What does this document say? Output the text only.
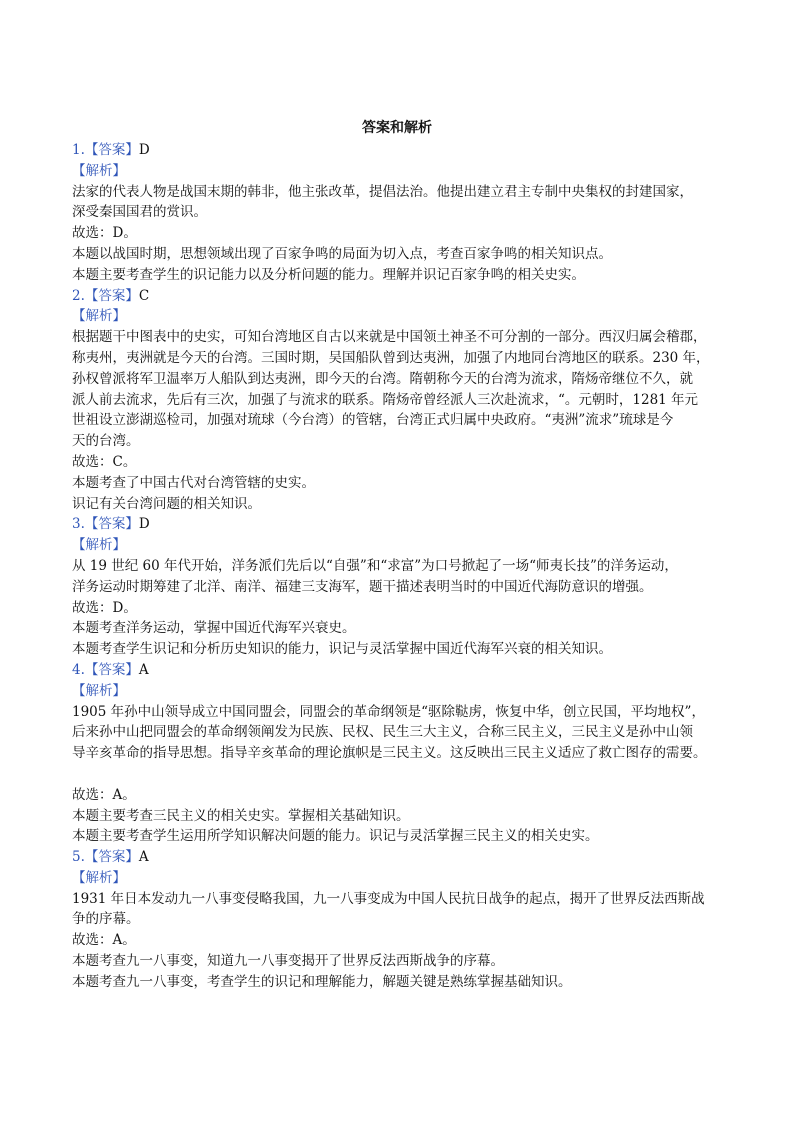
答案和解析
1.【答案】D
【解析】
法家的代表人物是战国末期的韩非，他主张改革，提倡法治。他提出建立君主专制中央集权的封建国家，
深受秦国国君的赏识。
故选：D。
本题以战国时期，思想领域出现了百家争鸣的局面为切入点，考查百家争鸣的相关知识点。
本题主要考查学生的识记能力以及分析问题的能力。理解并识记百家争鸣的相关史实。
2.【答案】C
【解析】
根据题干中图表中的史实，可知台湾地区自古以来就是中国领土神圣不可分割的一部分。西汉归属会稽郡，
称夷州，夷洲就是今天的台湾。三国时期，吴国船队曾到达夷洲，加强了内地同台湾地区的联系。230 年，
孙权曾派将军卫温率万人船队到达夷洲，即今天的台湾。隋朝称今天的台湾为流求，隋炀帝继位不久，就
派人前去流求，先后有三次，加强了与流求的联系。隋炀帝曾经派人三次赴流求，“。元朝时，1281 年元
世祖设立澎湖巡检司，加强对琉球（今台湾）的管辖，台湾正式归属中央政府。“夷洲”流求”琉球是今
天的台湾。
故选：C。
本题考查了中国古代对台湾管辖的史实。
识记有关台湾问题的相关知识。
3.【答案】D
【解析】
从 19 世纪 60 年代开始，洋务派们先后以“自强”和“求富”为口号掀起了一场“师夷长技”的洋务运动，
洋务运动时期筹建了北洋、南洋、福建三支海军，题干描述表明当时的中国近代海防意识的增强。
故选：D。
本题考查洋务运动，掌握中国近代海军兴衰史。
本题考查学生识记和分析历史知识的能力，识记与灵活掌握中国近代海军兴衰的相关知识。
4.【答案】A
【解析】
1905 年孙中山领导成立中国同盟会，同盟会的革命纲领是“驱除鞑虏，恢复中华，创立民国，平均地权”，
后来孙中山把同盟会的革命纲领阐发为民族、民权、民生三大主义，合称三民主义，三民主义是孙中山领
导辛亥革命的指导思想。指导辛亥革命的理论旗帜是三民主义。这反映出三民主义适应了救亡图存的需要。
故选：A。
本题主要考查三民主义的相关史实。掌握相关基础知识。
本题主要考查学生运用所学知识解决问题的能力。识记与灵活掌握三民主义的相关史实。
5.【答案】A
【解析】
1931 年日本发动九一八事变侵略我国，九一八事变成为中国人民抗日战争的起点，揭开了世界反法西斯战
争的序幕。
故选：A。
本题考查九一八事变，知道九一八事变揭开了世界反法西斯战争的序幕。
本题考查九一八事变，考查学生的识记和理解能力，解题关键是熟练掌握基础知识。
